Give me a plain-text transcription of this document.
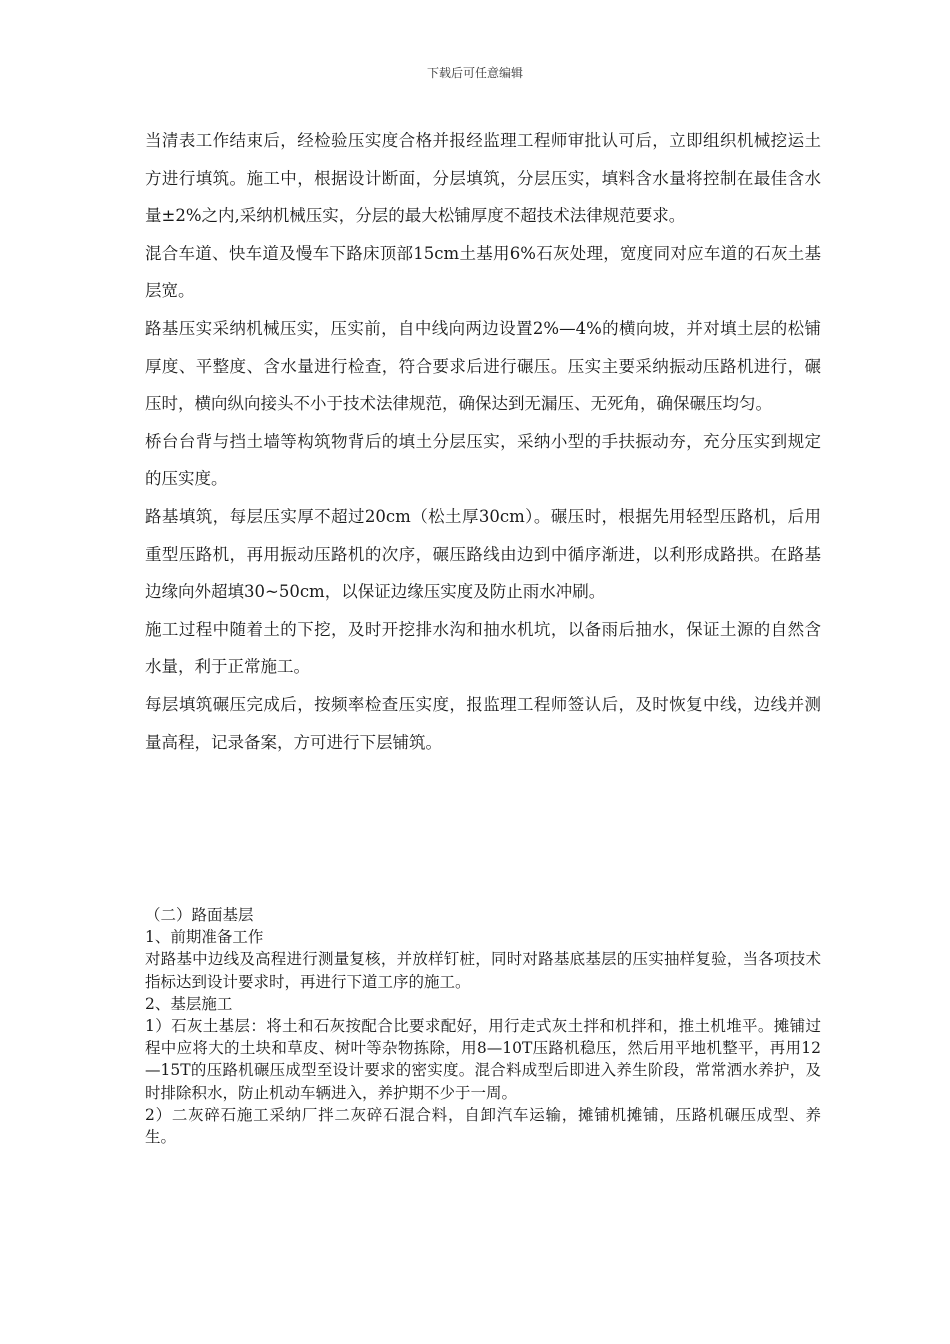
下载后可任意编辑

当清表工作结束后，经检验压实度合格并报经监理工程师审批认可后，立即组织机械挖运土方进行填筑。施工中，根据设计断面，分层填筑，分层压实，填料含水量将控制在最佳含水量±2%之内,采纳机械压实，分层的最大松铺厚度不超技术法律规范要求。

混合车道、快车道及慢车下路床顶部15cm土基用6%石灰处理，宽度同对应车道的石灰土基层宽。

路基压实采纳机械压实，压实前，自中线向两边设置2%—4%的横向坡，并对填土层的松铺厚度、平整度、含水量进行检查，符合要求后进行碾压。压实主要采纳振动压路机进行，碾压时，横向纵向接头不小于技术法律规范，确保达到无漏压、无死角，确保碾压均匀。

桥台台背与挡土墙等构筑物背后的填土分层压实，采纳小型的手扶振动夯，充分压实到规定的压实度。

路基填筑，每层压实厚不超过20cm（松土厚30cm）。碾压时，根据先用轻型压路机，后用重型压路机，再用振动压路机的次序，碾压路线由边到中循序渐进，以利形成路拱。在路基边缘向外超填30~50cm，以保证边缘压实度及防止雨水冲刷。

施工过程中随着土的下挖，及时开挖排水沟和抽水机坑，以备雨后抽水，保证土源的自然含水量，利于正常施工。

每层填筑碾压完成后，按频率检查压实度，报监理工程师签认后，及时恢复中线，边线并测量高程，记录备案，方可进行下层铺筑。

（二）路面基层

1、前期准备工作

对路基中边线及高程进行测量复核，并放样钉桩，同时对路基底基层的压实抽样复验，当各项技术指标达到设计要求时，再进行下道工序的施工。

2、基层施工

1）石灰土基层：将土和石灰按配合比要求配好，用行走式灰土拌和机拌和，推土机堆平。摊铺过程中应将大的土块和草皮、树叶等杂物拣除，用8—10T压路机稳压，然后用平地机整平，再用12—15T的压路机碾压成型至设计要求的密实度。混合料成型后即进入养生阶段，常常洒水养护，及时排除积水，防止机动车辆进入，养护期不少于一周。

2）二灰碎石施工采纳厂拌二灰碎石混合料，自卸汽车运输，摊铺机摊铺，压路机碾压成型、养生。
